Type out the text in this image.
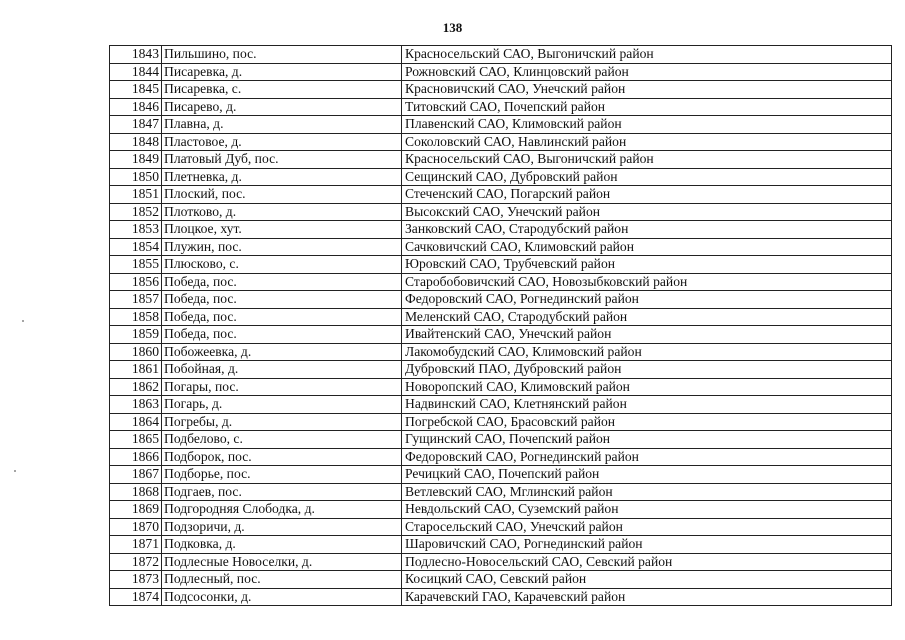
138
1843	Пильшино, пос.	Красносельский САО, Выгоничский район
1844	Писаревка, д.	Рожновский САО, Клинцовский район
1845	Писаревка, с.	Красновичский САО, Унечский район
1846	Писарево, д.	Титовский САО, Почепский район
1847	Плавна, д.	Плавенский САО, Климовский район
1848	Пластовое, д.	Соколовский САО, Навлинский район
1849	Платовый Дуб, пос.	Красносельский САО, Выгоничский район
1850	Плетневка, д.	Сещинский САО, Дубровский район
1851	Плоский, пос.	Стеченский САО, Погарский район
1852	Плотково, д.	Высокский САО, Унечский район
1853	Плоцкое, хут.	Занковский САО, Стародубский район
1854	Плужин, пос.	Сачковичский САО, Климовский район
1855	Плюсково, с.	Юровский САО, Трубчевский район
1856	Победа, пос.	Старобобовичский САО, Новозыбковский район
1857	Победа, пос.	Федоровский САО, Рогнединский район
1858	Победа, пос.	Меленский САО, Стародубский район
1859	Победа, пос.	Ивайтенский САО, Унечский район
1860	Побожеевка, д.	Лакомобудский САО, Климовский район
1861	Побойная, д.	Дубровский ПАО, Дубровский район
1862	Погары, пос.	Новоропский САО, Климовский район
1863	Погарь, д.	Надвинский САО, Клетнянский район
1864	Погребы, д.	Погребской САО, Брасовский район
1865	Подбелово, с.	Гущинский САО, Почепский район
1866	Подборок, пос.	Федоровский САО, Рогнединский район
1867	Подборье, пос.	Речицкий САО, Почепский район
1868	Подгаев, пос.	Ветлевский САО, Мглинский район
1869	Подгородняя Слободка, д.	Невдольский САО, Суземский район
1870	Подзоричи, д.	Старосельский САО, Унечский район
1871	Подковка, д.	Шаровичский САО, Рогнединский район
1872	Подлесные Новоселки, д.	Подлесно-Новосельский САО, Севский район
1873	Подлесный, пос.	Косицкий САО, Севский район
1874	Подсосонки, д.	Карачевский ГАО, Карачевский район
